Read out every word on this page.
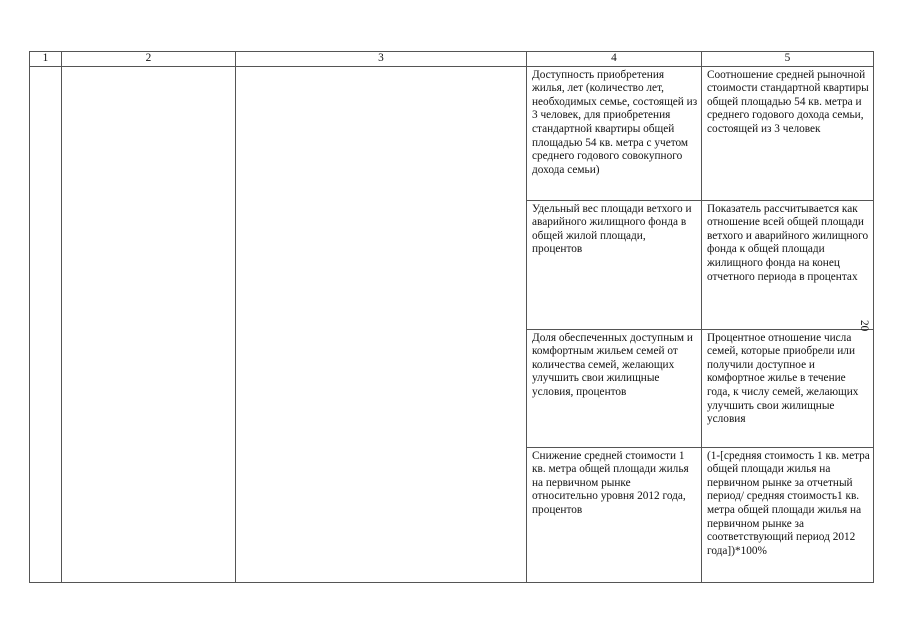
1	2	3	4	5
			Доступность приобретения жилья, лет (количество лет, необходимых семье, состоящей из 3 человек, для приобретения стандартной квартиры общей площадью 54 кв. метра с учетом среднего годового совокупного дохода семьи)	Соотношение средней рыночной стоимости стандартной квартиры общей площадью 54 кв. метра и среднего годового дохода семьи, состоящей из 3 человек
			Удельный вес площади ветхого и аварийного жилищного фонда в общей жилой площади, процентов	Показатель рассчитывается как отношение всей общей площади ветхого и аварийного жилищного фонда к общей площади жилищного фонда на конец отчетного периода в процентах
			Доля обеспеченных доступным и комфортным жильем семей от количества семей, желающих улучшить свои жилищные условия, процентов	Процентное отношение числа семей, которые приобрели или получили доступное и комфортное жилье в течение года, к числу семей, желающих улучшить свои жилищные условия
			Снижение средней стоимости 1 кв. метра общей площади жилья на первичном рынке относительно уровня 2012 года, процентов	(1-[средняя стоимость 1 кв. метра общей площади жилья на первичном рынке за отчетный период/ средняя стоимость1 кв. метра общей площади жилья на первичном рынке за соответствующий период 2012 года])*100%
20
